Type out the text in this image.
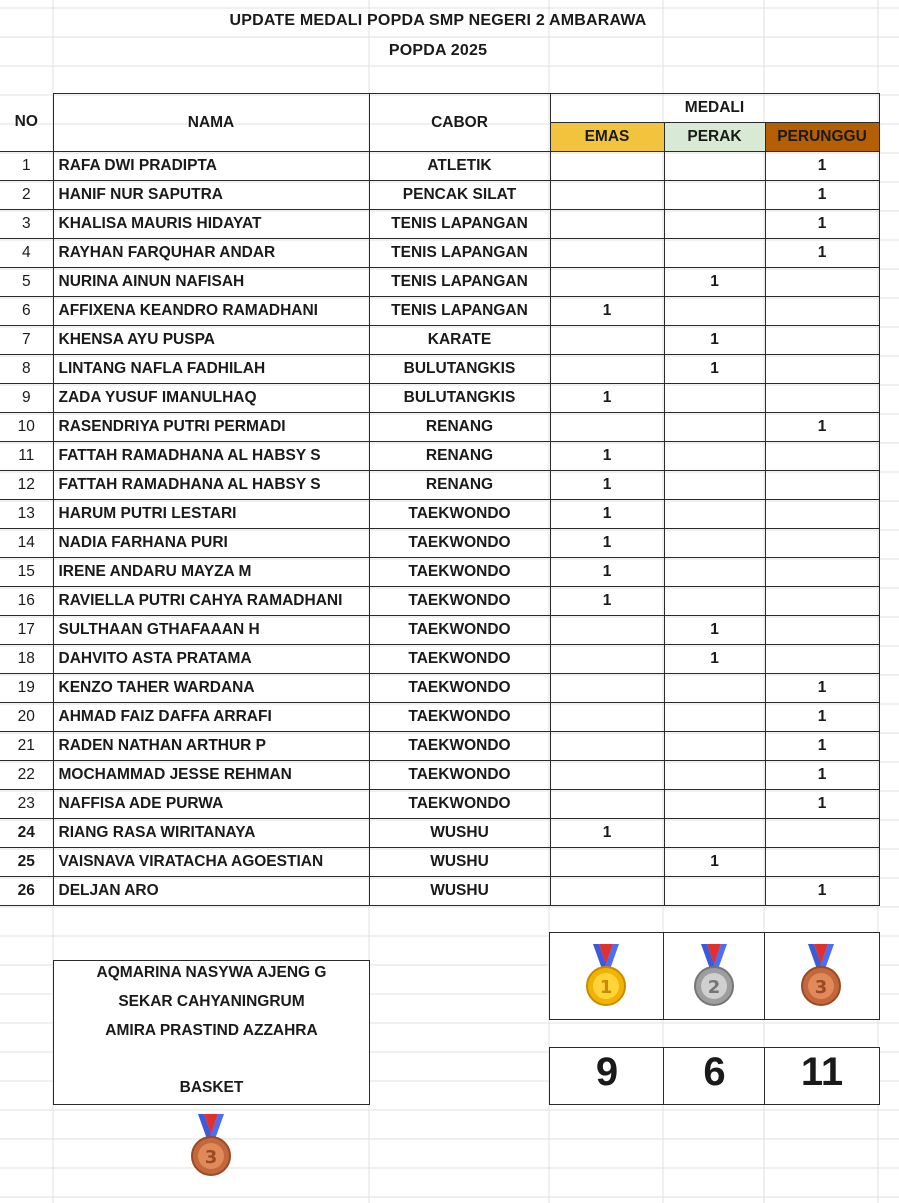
UPDATE MEDALI POPDA SMP NEGERI 2 AMBARAWA
POPDA 2025
NO	NAMA	CABOR	MEDALI		
			EMAS	PERAK	PERUNGGU
1	RAFA DWI PRADIPTA	ATLETIK			1
2	HANIF NUR SAPUTRA	PENCAK SILAT			1
3	KHALISA MAURIS HIDAYAT	TENIS LAPANGAN			1
4	RAYHAN FARQUHAR ANDAR	TENIS LAPANGAN			1
5	NURINA AINUN NAFISAH	TENIS LAPANGAN		1	
6	AFFIXENA KEANDRO RAMADHANI	TENIS LAPANGAN	1		
7	KHENSA AYU PUSPA	KARATE		1	
8	LINTANG NAFLA FADHILAH	BULUTANGKIS		1	
9	ZADA YUSUF IMANULHAQ	BULUTANGKIS	1		
10	RASENDRIYA PUTRI PERMADI	RENANG			1
11	FATTAH RAMADHANA AL HABSY S	RENANG	1		
12	FATTAH RAMADHANA AL HABSY S	RENANG	1		
13	HARUM PUTRI LESTARI	TAEKWONDO	1		
14	NADIA FARHANA PURI	TAEKWONDO	1		
15	IRENE ANDARU MAYZA M	TAEKWONDO	1		
16	RAVIELLA PUTRI CAHYA RAMADHANI	TAEKWONDO	1		
17	SULTHAAN GTHAFAAAN H	TAEKWONDO		1	
18	DAHVITO ASTA PRATAMA	TAEKWONDO		1	
19	KENZO TAHER WARDANA	TAEKWONDO			1
20	AHMAD FAIZ DAFFA ARRAFI	TAEKWONDO			1
21	RADEN NATHAN ARTHUR P	TAEKWONDO			1
22	MOCHAMMAD JESSE REHMAN	TAEKWONDO			1
23	NAFFISA ADE PURWA	TAEKWONDO			1
24	RIANG RASA WIRITANAYA	WUSHU	1		
25	VAISNAVA VIRATACHA AGOESTIAN	WUSHU		1	
26	DELJAN ARO	WUSHU			1
AQMARINA NASYWA AJENG G
SEKAR CAHYANINGRUM
AMIRA PRASTIND AZZAHRA
BASKET	9	6	11
1	2	3
3
